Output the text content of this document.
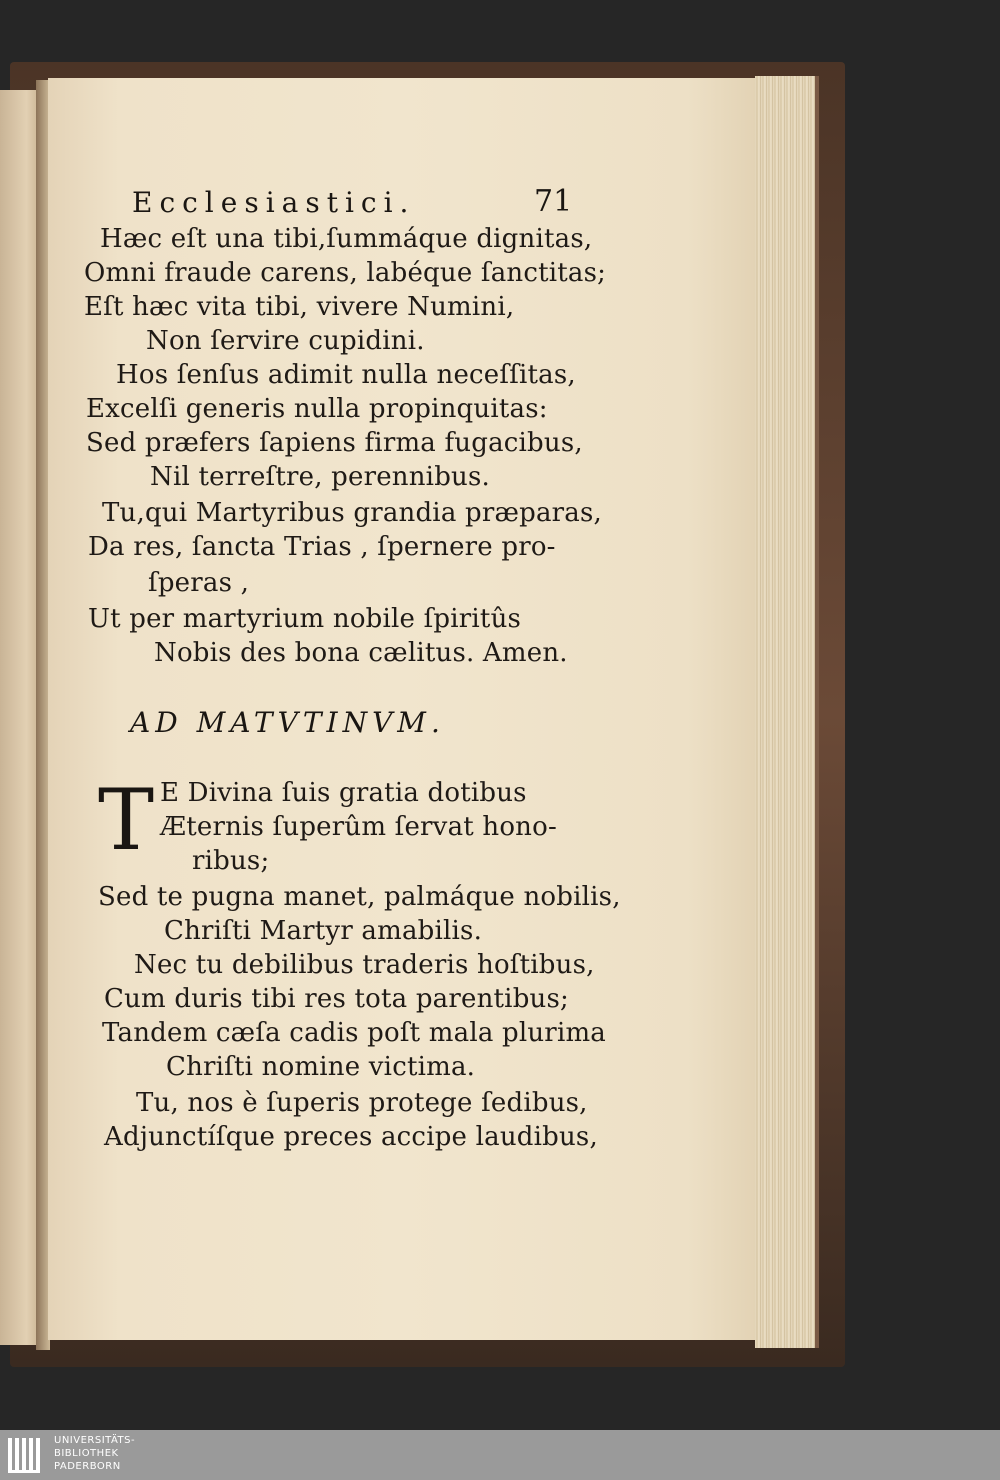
Ecclesiastici.	71
Hæc eſt una tibi,ſummáque dignitas,
Omni fraude carens, labéque ſanctitas;
Eſt hæc vita tibi, vivere Numini,
Non ſervire cupidini.
Hos ſenſus adimit nulla neceſſitas,
Excelſi generis nulla propinquitas:
Sed præfers ſapiens firma fugacibus,
Nil terreſtre, perennibus.
Tu,qui Martyribus grandia præparas,
Da res, ſancta Trias , ſpernere pro-
ſperas ,
Ut per martyrium nobile ſpiritûs
Nobis des bona cælitus. Amen.
AD MATVTINVM.
T E Divina ſuis gratia dotibus
Æternis ſuperûm ſervat hono-
ribus;
Sed te pugna manet, palmáque nobilis,
Chriſti Martyr amabilis.
Nec tu debilibus traderis hoſtibus,
Cum duris tibi res tota parentibus;
Tandem cæſa cadis poſt mala plurima
Chriſti nomine victima.
Tu, nos è ſuperis protege ſedibus,
Adjunctíſque preces accipe laudibus,
UNIVERSITÄTS-
BIBLIOTHEK
PADERBORN
